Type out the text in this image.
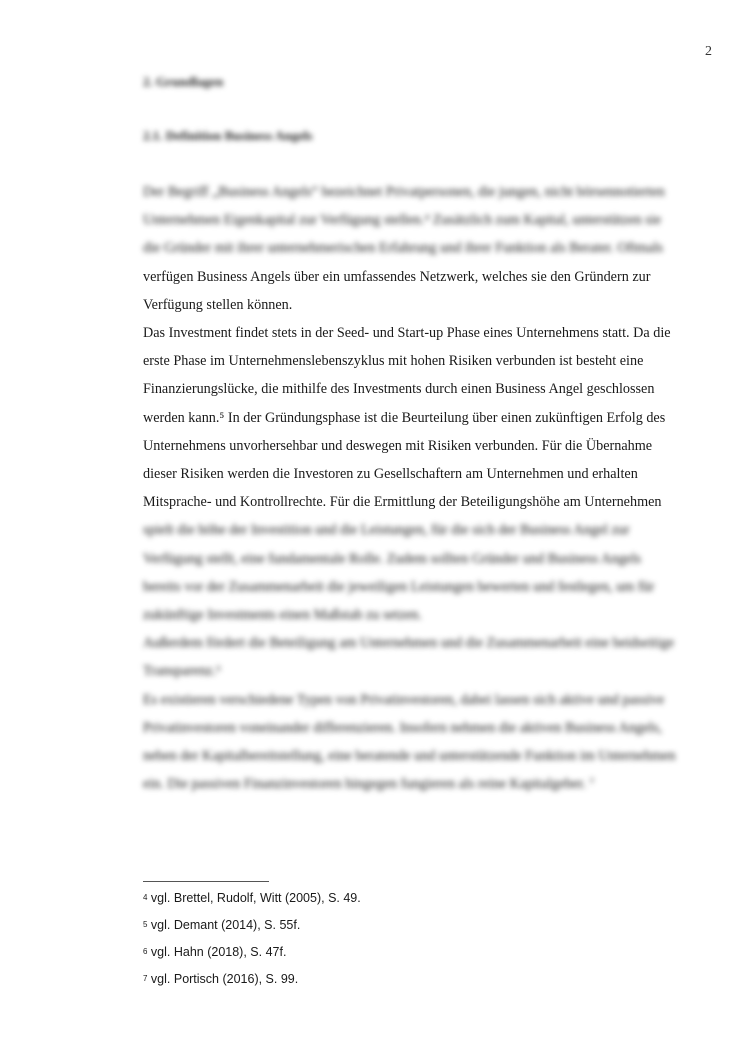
2
2. Grundlagen
2.1. Definition Business Angels
Der Begriff „Business Angels“ bezeichnet Privatpersonen, die jungen, nicht börsennotierten
Unternehmen Eigenkapital zur Verfügung stellen.⁴ Zusätzlich zum Kapital, unterstützen sie
die Gründer mit ihrer unternehmerischen Erfahrung und ihrer Funktion als Berater. Oftmals
verfügen Business Angels über ein umfassendes Netzwerk, welches sie den Gründern zur
Verfügung stellen können.
Das Investment findet stets in der Seed- und Start-up Phase eines Unternehmens statt. Da die
erste Phase im Unternehmenslebenszyklus mit hohen Risiken verbunden ist besteht eine
Finanzierungslücke, die mithilfe des Investments durch einen Business Angel geschlossen
werden kann.⁵ In der Gründungsphase ist die Beurteilung über einen zukünftigen Erfolg des
Unternehmens unvorhersehbar und deswegen mit Risiken verbunden. Für die Übernahme
dieser Risiken werden die Investoren zu Gesellschaftern am Unternehmen und erhalten
Mitsprache- und Kontrollrechte. Für die Ermittlung der Beteiligungshöhe am Unternehmen
spielt die höhe der Investition und die Leistungen, für die sich der Business Angel zur
Verfügung stellt, eine fundamentale Rolle. Zudem sollten Gründer und Business Angels
bereits vor der Zusammenarbeit die jeweiligen Leistungen bewerten und festlegen, um für
zukünftige Investments einen Maßstab zu setzen.
Außerdem fördert die Beteiligung am Unternehmen und die Zusammenarbeit eine beidseitige
Transparenz.⁶
Es existieren verschiedene Typen von Privatinvestoren, dabei lassen sich aktive und passive
Privatinvestoren voneinander differenzieren. Insofern nehmen die aktiven Business Angels,
neben der Kapitalbereitstellung, eine beratende und unterstützende Funktion im Unternehmen
ein. Die passiven Finanzinvestoren hingegen fungieren als reine Kapitalgeber. ⁷
$^4$ vgl. Brettel, Rudolf, Witt (2005), S. 49.
$^5$ vgl. Demant (2014), S. 55f.
$^6$ vgl. Hahn (2018), S. 47f.
$^7$ vgl. Portisch (2016), S. 99.
